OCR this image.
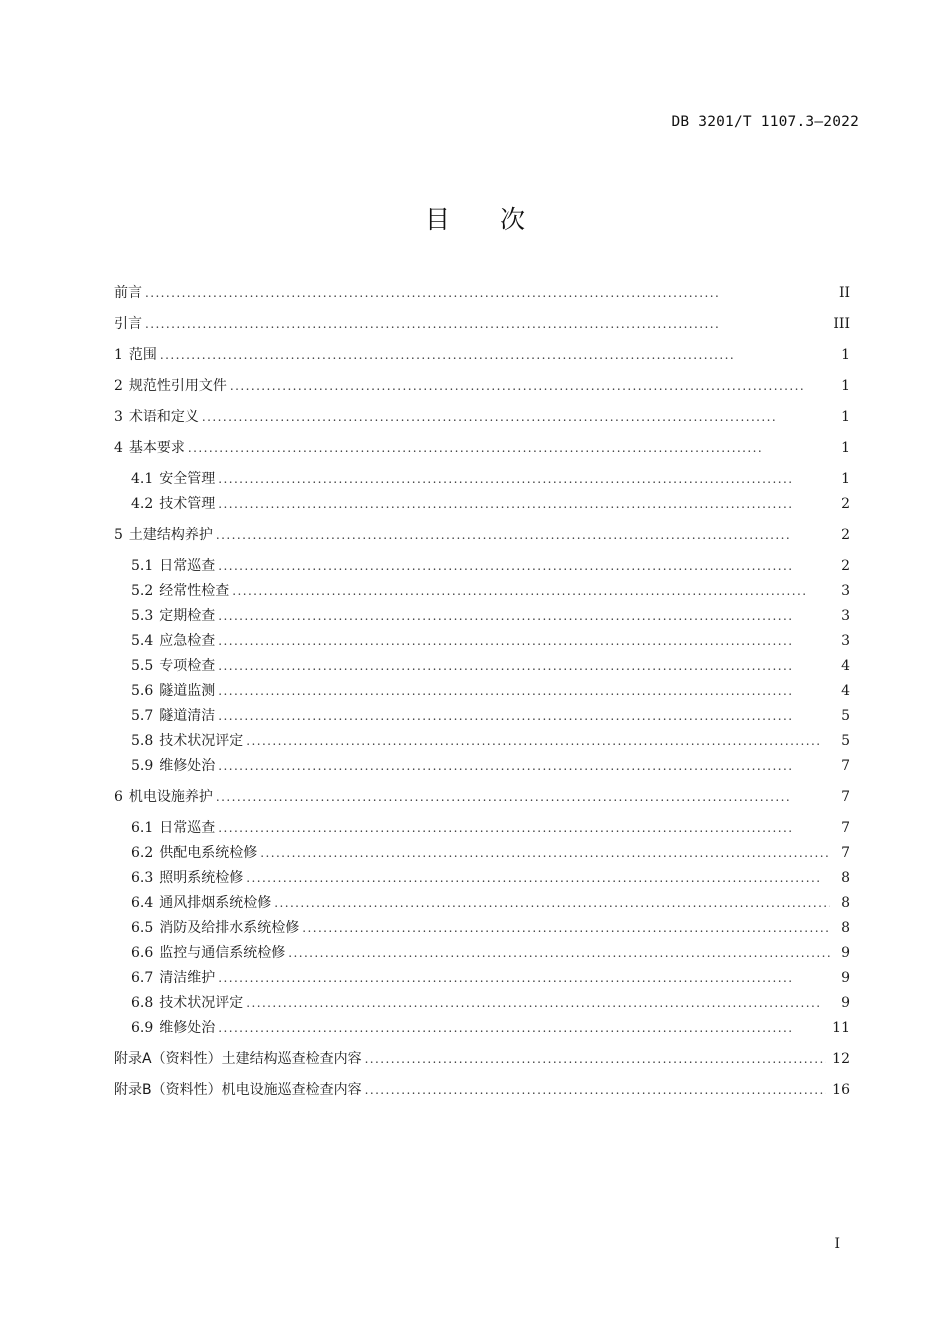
DB 3201/T 1107.3—2022
目次
前言 . . .	II
引言 . . .	III
1 范围 . . .	1
2 规范性引用文件 . . .	1
3 术语和定义 . . .	1
4 基本要求 . . .	1
4.1 安全管理 . . .	1
4.2 技术管理 . . .	2
5 土建结构养护 . . .	2
5.1 日常巡查 . . .	2
5.2 经常性检查 . . .	3
5.3 定期检查 . . .	3
5.4 应急检查 . . .	3
5.5 专项检查 . . .	4
5.6 隧道监测 . . .	4
5.7 隧道清洁 . . .	5
5.8 技术状况评定 . . .	5
5.9 维修处治 . . .	7
6 机电设施养护 . . .	7
6.1 日常巡查 . . .	7
6.2 供配电系统检修 . . .	7
6.3 照明系统检修 . . .	8
6.4 通风排烟系统检修 . . .	8
6.5 消防及给排水系统检修 . . .	8
6.6 监控与通信系统检修 . . .	9
6.7 清洁维护 . . .	9
6.8 技术状况评定 . . .	9
6.9 维修处治 . . .	11
附录A（资料性）土建结构巡查检查内容 . . .	12
附录B（资料性）机电设施巡查检查内容 . . .	16
I
